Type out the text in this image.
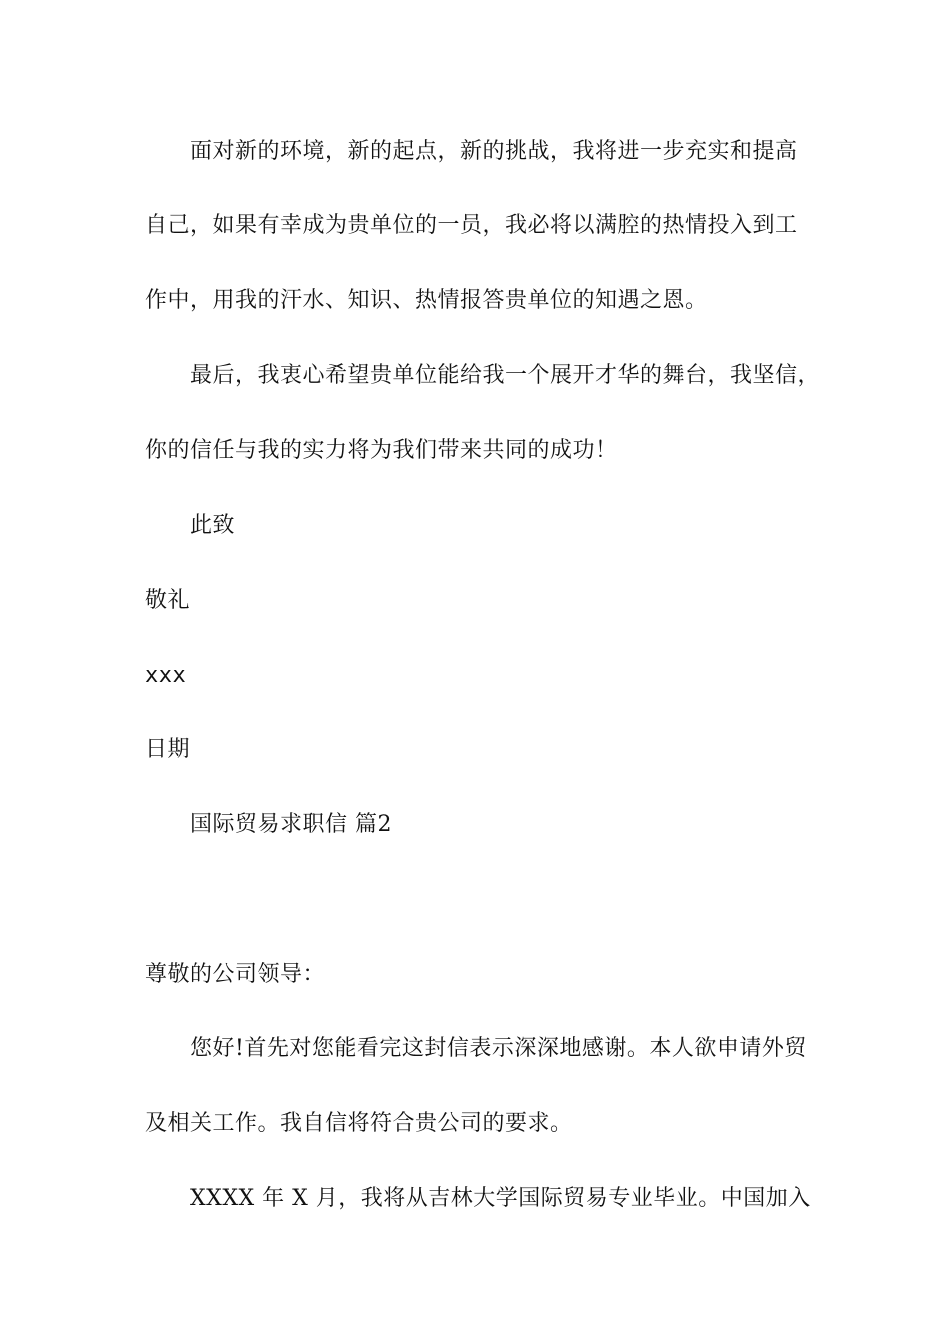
面对新的环境，新的起点，新的挑战，我将进一步充实和提高
自己，如果有幸成为贵单位的一员，我必将以满腔的热情投入到工
作中，用我的汗水、知识、热情报答贵单位的知遇之恩。
最后，我衷心希望贵单位能给我一个展开才华的舞台，我坚信，
你的信任与我的实力将为我们带来共同的成功！
此致
敬礼
xxx
日期
国际贸易求职信 篇2
尊敬的公司领导：
您好!首先对您能看完这封信表示深深地感谢。本人欲申请外贸
及相关工作。我自信将符合贵公司的要求。
XXXX 年 X 月，我将从吉林大学国际贸易专业毕业。中国加入
